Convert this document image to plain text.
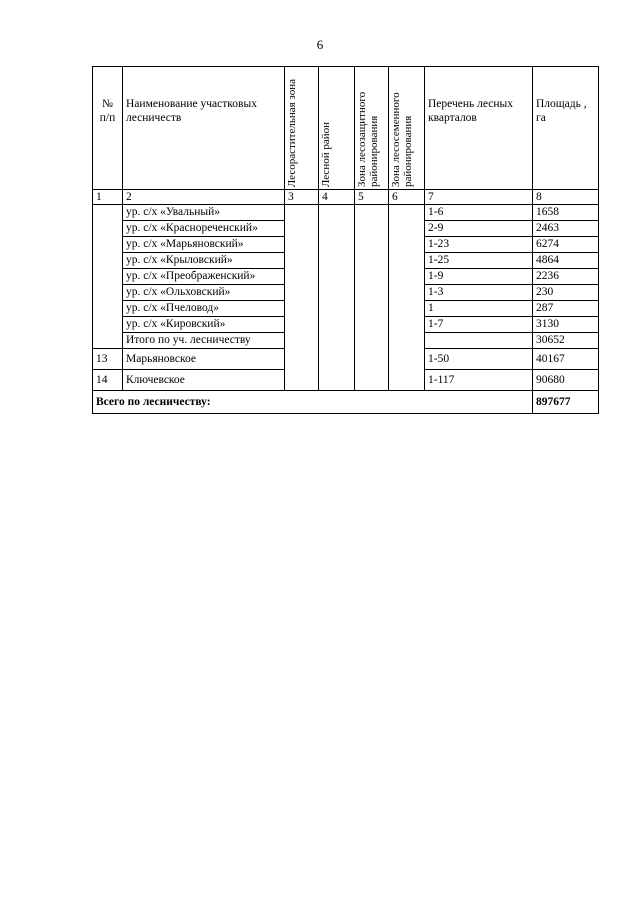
6
№ п/п	Наименование участковых лесничеств	Лесорастительная зона	Лесной район	Зона лесозащитного районирования	Зона лесосеменного районирования	Перечень лесных кварталов	Площадь , га
1	2	3	4	5	6	7	8
	ур. с/х «Увальный»					1-6	1658
	ур. с/х «Краснореченский»					2-9	2463
	ур. с/х «Марьяновский»					1-23	6274
	ур. с/х «Крыловский»					1-25	4864
	ур. с/х «Преображенский»					1-9	2236
	ур. с/х «Ольховский»					1-3	230
	ур. с/х «Пчеловод»					1	287
	ур. с/х «Кировский»					1-7	3130
	Итого по уч. лесничеству						30652
13	Марьяновское					1-50	40167
14	Ключевское					1-117	90680
Всего по лесничеству:							897677
